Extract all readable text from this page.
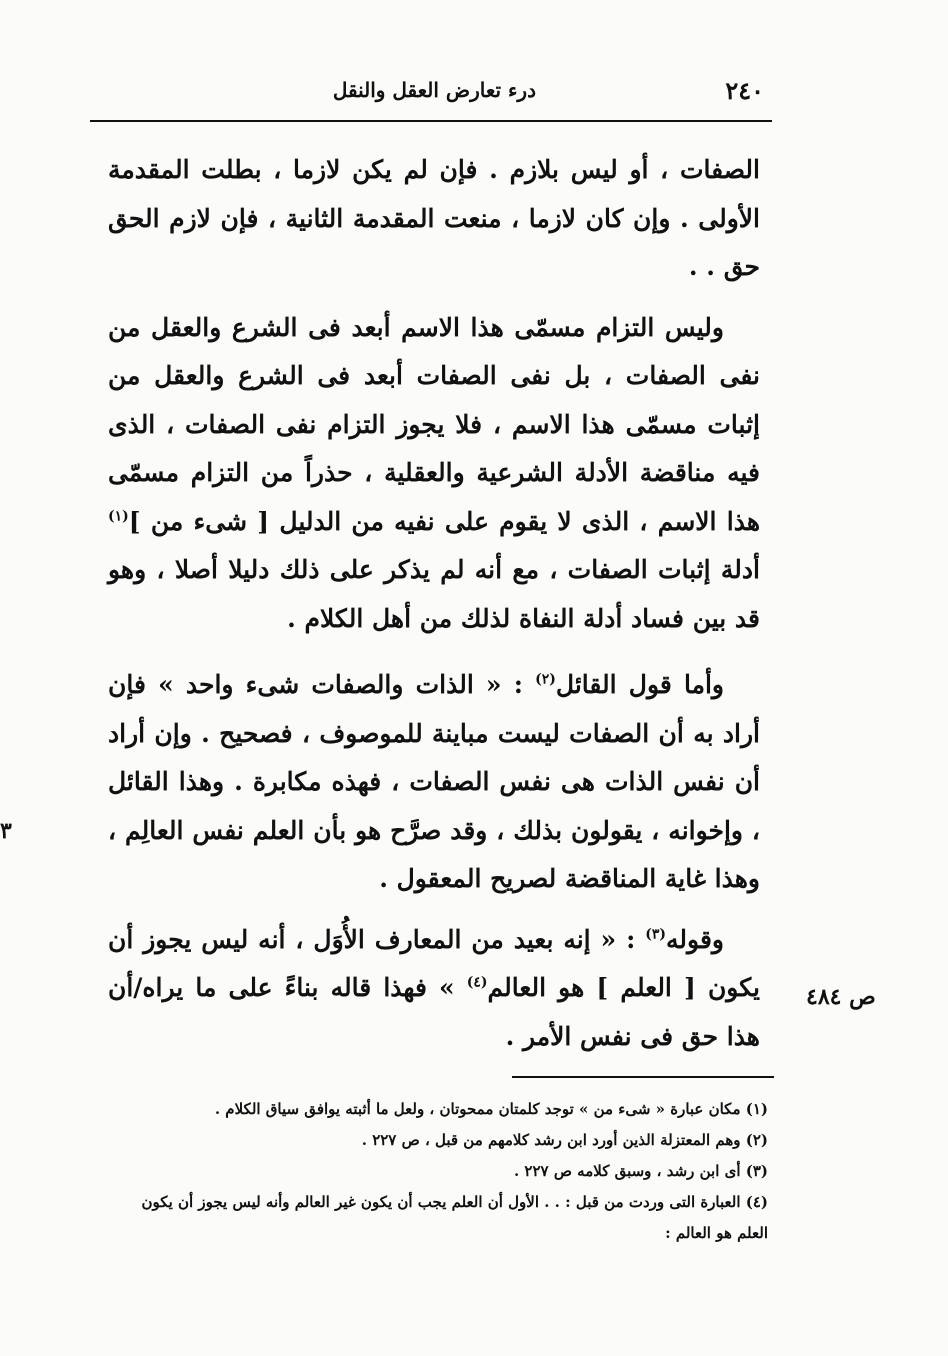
٢٤٠
درء تعارض العقل والنقل

الصفات ، أو ليس بلازم . فإن لم يكن لازما ، بطلت المقدمة الأولى . وإن كان لازما ، منعت المقدمة الثانية ، فإن لازم الحق حق . .

وليس التزام مسمّى هذا الاسم أبعد فى الشرع والعقل من نفى الصفات ، بل نفى الصفات أبعد فى الشرع والعقل من إثبات مسمّى هذا الاسم ، فلا يجوز التزام نفى الصفات ، الذى فيه مناقضة الأدلة الشرعية والعقلية ، حذراً من التزام مسمّى هذا الاسم ، الذى لا يقوم على نفيه من الدليل [ شىء من ]$^{(١)}$ أدلة إثبات الصفات ، مع أنه لم يذكر على ذلك دليلا أصلا ، وهو قد بين فساد أدلة النفاة لذلك من أهل الكلام .

وأما قول القائل$^{(٢)}$ : « الذات والصفات شىء واحد » فإن أراد به أن الصفات ليست مباينة للموصوف ، فصحيح . وإن أراد أن نفس الذات هى نفس الصفات ، فهذه مكابرة . وهذا القائل ، وإخوانه ، يقولون بذلك ، وقد صرَّح هو بأن العلم نفس العالِم ، وهذا غاية المناقضة لصريح المعقول .

وقوله$^{(٣)}$ : « إنه بعيد من المعارف الأُوَل ، أنه ليس يجوز أن يكون [ العلم ] هو العالم$^{(٤)}$ » فهذا قاله بناءً على ما يراه/أن هذا حق فى نفس الأمر .

ص ٤٨٤
٣

(١) مكان عبارة « شىء من » توجد كلمتان ممحوتان ، ولعل ما أثبته يوافق سياق الكلام .

(٢) وهم المعتزلة الذين أورد ابن رشد كلامهم من قبل ، ص ٢٢٧ .

(٣) أى ابن رشد ، وسبق كلامه ص ٢٢٧ .

(٤) العبارة التى وردت من قبل : . . الأول أن العلم يجب أن يكون غير العالم وأنه ليس يجوز أن يكون العلم هو العالم :
